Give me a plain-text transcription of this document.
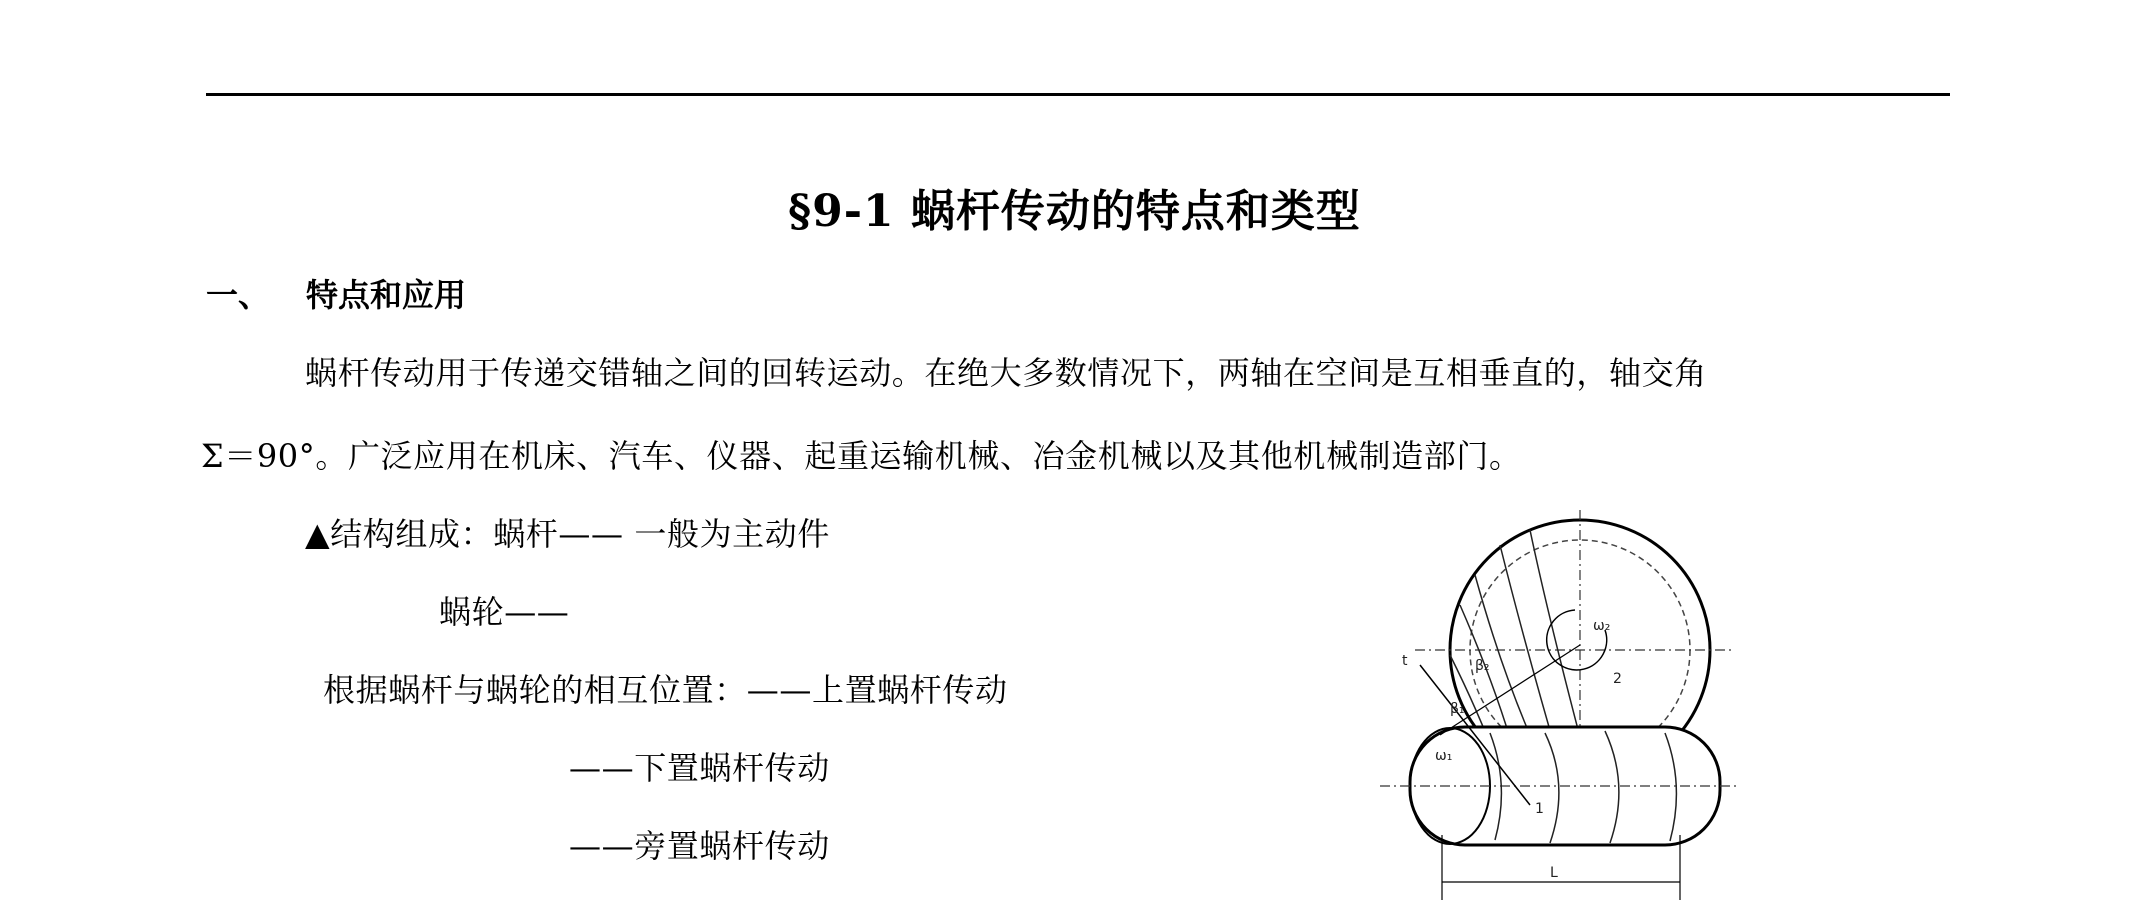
§9-1 蜗杆传动的特点和类型
一、 特点和应用
蜗杆传动用于传递交错轴之间的回转运动。在绝大多数情况下，两轴在空间是互相垂直的，轴交角
Σ＝90°。广泛应用在机床、汽车、仪器、起重运输机械、冶金机械以及其他机械制造部门。
▲结构组成：蜗杆—— 一般为主动件
蜗轮——
根据蜗杆与蜗轮的相互位置：——上置蜗杆传动
——下置蜗杆传动
——旁置蜗杆传动
ω₂
2
β₂
β₁
t
ω₁
1
L
